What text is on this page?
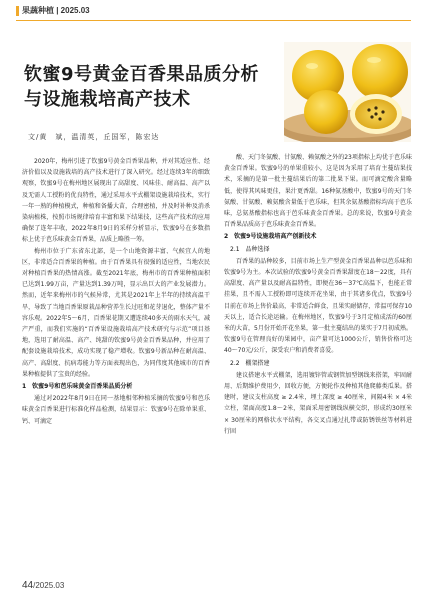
果蔬种植 | 2025.03
钦蜜9号黄金百香果品质分析
与设施栽培高产技术
文/黄　斌，温清英，丘国军，陈宏达

2020年，梅州引进了钦蜜9号黄金百香果品种，并对其适应性、经济价值以及设施栽培的高产技术进行了深入研究。经过连续3年的细致观察，钦蜜9号在梅州地区展现出了高甜度、风味佳、耐高温、高产以及无需人工授粉的优良特性，通过采用水平式棚架设施栽培技术，实行一年一熟的种植模式，种植和备播大苗，合理密植，并及时补种及消杀染病植株，按照市场规律培育丰富和果下结果技，这些高产技术的应用确保了连年丰收，2022年8月9日的采样分析显示，钦蜜9号在多数指标上优于芭乐味黄金百香果，品质上略胜一筹。

梅州市位于广东省东北部，是一个山地资源丰富、气候宜人的地区，非常适合百香果的种植。由于百香果具有很强的适应性，当地农民对种植百香果的热情高涨。截至2021年底，梅州市的百香果种植面积已达到1.99万亩，产量达到1.39万吨，显示出巨大的产业发展潜力。然而，近年来梅州市的气候异常，尤其是2021年上半年的持续高温干旱，导致了当地百香果原栽品种营养生长过旺和花芽退化，整体产量不容乐观。2022年5～6月，百香果花期又遭连续40多天的雨水天气，减产严重，而我们实施的“百香果设施栽培高产技术研究与示范”项目基地，选用了耐高温、高产、纯甜的钦蜜9号黄金百香果品种，并应用了配套设施栽培技术，成功实现了稳产增收。钦蜜9号新品种在耐高温、高产、高甜度、抗病毒能力等方面表现出色，为同伟度其他城市的百香果种植提供了宝贵的经验。

1　钦蜜9号和芭乐味黄金百香果品质分析

通过对2022年8月9日在同一基地相邻种植采摘的钦蜜9号和芭乐味黄金百香果进行标准化样品检测，结果显示：钦蜜9号在除单果重、钙、可滴定

酸、天门冬氨酸、甘氨酸、赖氨酸之外的23项指标上均优于芭乐味黄金百香果。钦蜜9号的单果重较小，这是因为采用了培育主蔓结果技术，采摘的是第一批主蔓结果后的第二批果下果。而可滴定酸含量略低，使得其风味更佳，果汁更香甜。16种氨基酸中，钦蜜9号的天门冬氨酸、甘氨酸、赖氨酸含量低于芭乐味，但其余氨基酸指标均高于芭乐味，总氨基酸指标也高于芭乐味黄金百香果。总的来说，钦蜜9号黄金百香果品质高于芭乐味黄金百香果。

2　钦蜜9号设施栽培高产创新技术

2.1　品种选择

百香果的品种较多，目前市场上生产型黄金百香果品种以芭乐味和钦蜜9号为主。本次试验的钦蜜9号黄金百香果甜度在18～22度，具有高甜度、高产量以及耐高温特性，即便在36～37℃高温下，也能正常挂果，且不需人工授粉即可连续开花坐果，由于其诸多优点，钦蜜9号目前在市场上售价最高，非常适合鲜食，且果实耐储存，常温可保存10天以上，适合长途运输。在梅州地区，钦蜜9号于3月定植成活的60厘米的大苗，5月份开始开花坐果，第一批主蔓结出的果实于7月初成熟。钦蜜9号在管理良好的果园中，亩产量可达1000公斤，销售价格可达40～70元/公斤，深受农户和消费者喜爱。

2.2　棚架搭建

建议搭建水平式棚架，选用镀锌管或钢管加型钢线来搭架，牢固耐用、后期维护费用少，回收方便，方便轮作及种植其他爬藤类瓜果。搭建时，建议支柱高度 ≥ 2.4米，埋土深度 ≥ 40厘米，间隔4米 × 4米立柱，架面高度1.8～2米，架面采用密钢线纵横交织，形成约30厘米 × 30厘米的网格状水平结构，各交叉点通过扎带或防锈铁丝等材料进行固

44/2025.03
